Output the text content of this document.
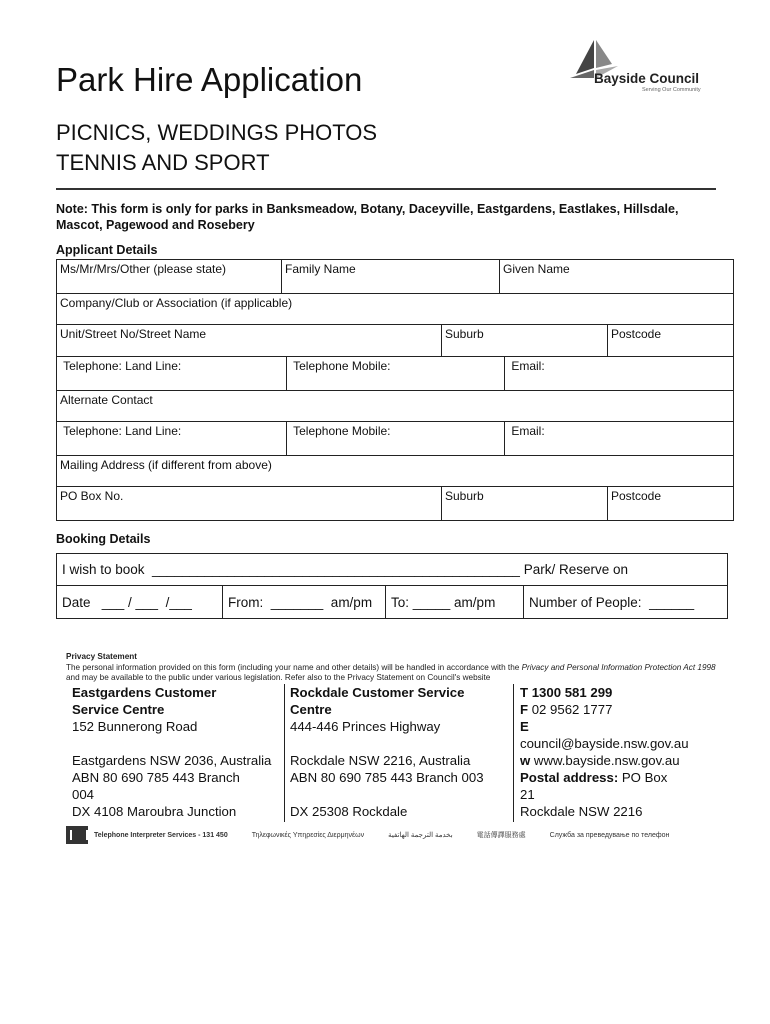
Park Hire Application
PICNICS, WEDDINGS PHOTOS
TENNIS AND SPORT
Bayside Council
Serving Our Community
Note: This form is only for parks in Banksmeadow, Botany, Daceyville, Eastgardens, Eastlakes, Hillsdale, Mascot, Pagewood and Rosebery
Applicant Details
Ms/Mr/Mrs/Other (please state)	Family Name	Given Name
Company/Club or Association (if applicable)
Unit/Street No/Street Name	Suburb	Postcode
Telephone: Land Line:	Telephone Mobile:	Email:
Alternate Contact
Telephone: Land Line:	Telephone Mobile:	Email:
Mailing Address (if different from above)
PO Box No.	Suburb	Postcode
Booking Details
I wish to book  _________________________________________________ Park/ Reserve on
Date   ___ / ___  /___	From:  _______  am/pm To: _____ am/pm Number of People:  ______
Privacy Statement
The personal information provided on this form (including your name and other details) will be handled in accordance with the Privacy and Personal Information Protection Act 1998 and may be available to the public under various legislation. Refer also to the Privacy Statement on Council's website
Eastgardens Customer
Service Centre
152 Bunnerong Road
Eastgardens NSW 2036, Australia
ABN 80 690 785 443 Branch
004
DX 4108 Maroubra Junction
Rockdale Customer Service
Centre
444-446 Princes Highway
Rockdale NSW 2216, Australia
ABN 80 690 785 443 Branch 003
DX 25308 Rockdale
T 1300 581 299
F 02 9562 1777
E
council@bayside.nsw.gov.au
w www.bayside.nsw.gov.au
Postal address: PO Box
21
Rockdale NSW 2216
Telephone Interpreter Services - 131 450	Τηλεφωνικές Υπηρεσίες Διερμηνέων	بخدمة الترجمة الهاتفية	電話傳譯服務處	Служба за преведување по телефон
